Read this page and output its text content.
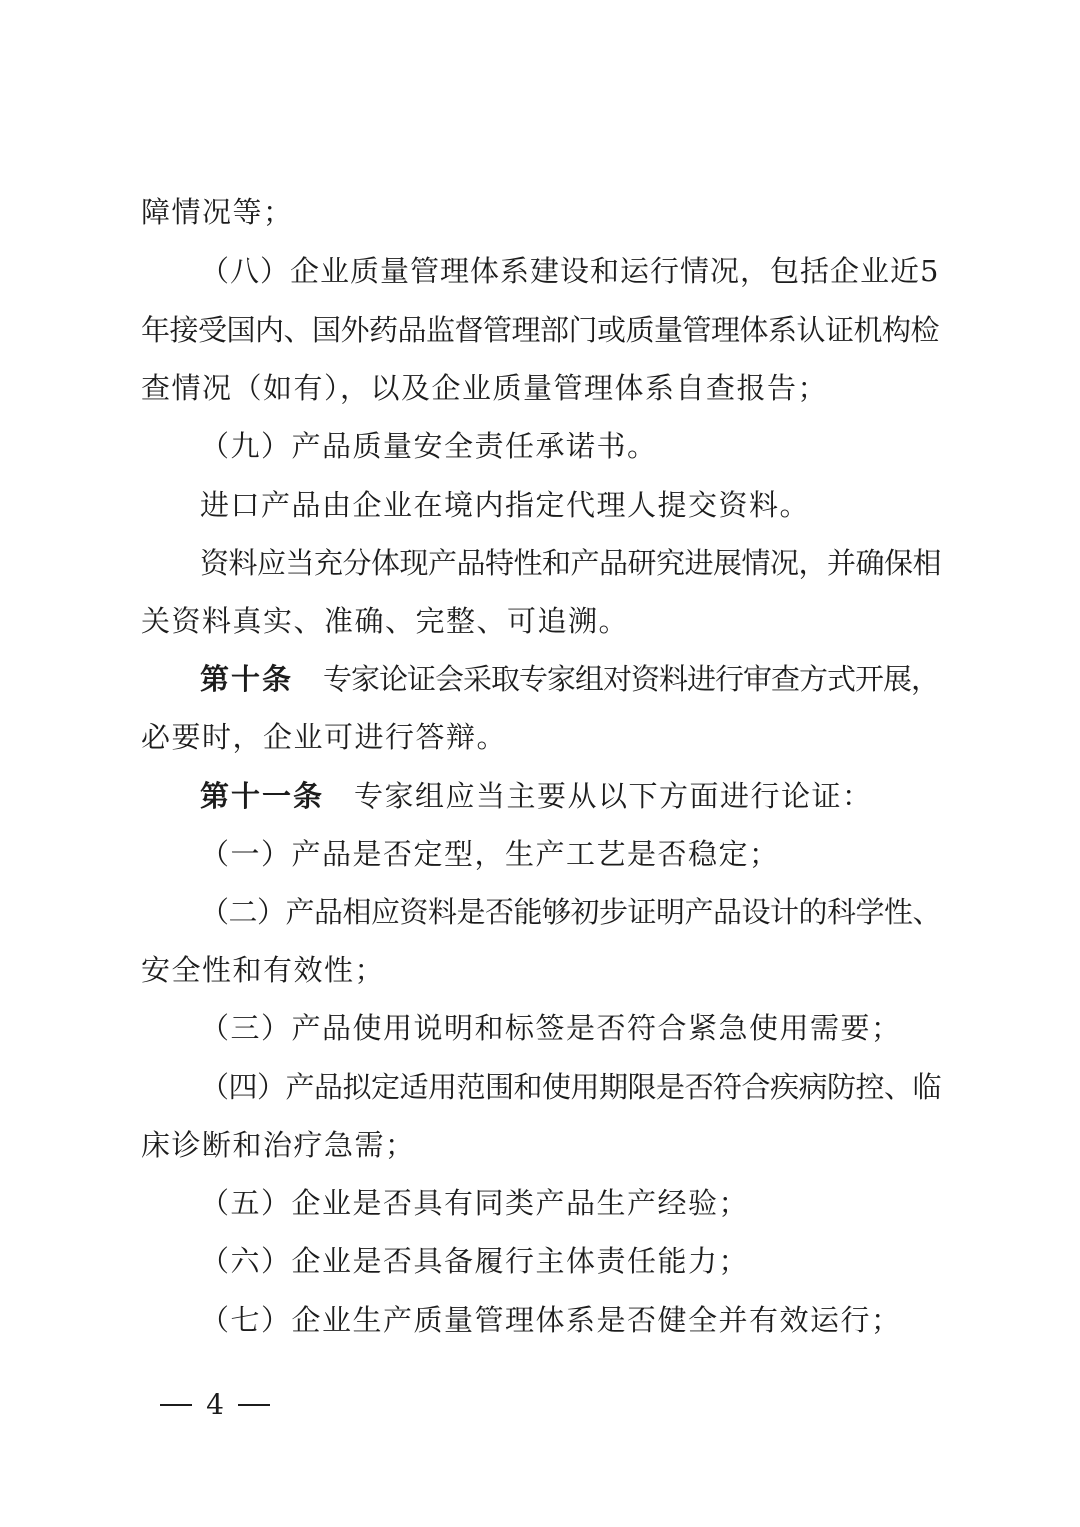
障情况等；
（八）企业质量管理体系建设和运行情况，包括企业近5
年接受国内、国外药品监督管理部门或质量管理体系认证机构检
查情况（如有），以及企业质量管理体系自查报告；
（九）产品质量安全责任承诺书。
进口产品由企业在境内指定代理人提交资料。
资料应当充分体现产品特性和产品研究进展情况，并确保相
关资料真实、准确、完整、可追溯。
第十条 专家论证会采取专家组对资料进行审查方式开展，
必要时，企业可进行答辩。
第十一条 专家组应当主要从以下方面进行论证：
（一）产品是否定型，生产工艺是否稳定；
（二）产品相应资料是否能够初步证明产品设计的科学性、
安全性和有效性；
（三）产品使用说明和标签是否符合紧急使用需要；
（四）产品拟定适用范围和使用期限是否符合疾病防控、临
床诊断和治疗急需；
（五）企业是否具有同类产品生产经验；
（六）企业是否具备履行主体责任能力；
（七）企业生产质量管理体系是否健全并有效运行；
4
